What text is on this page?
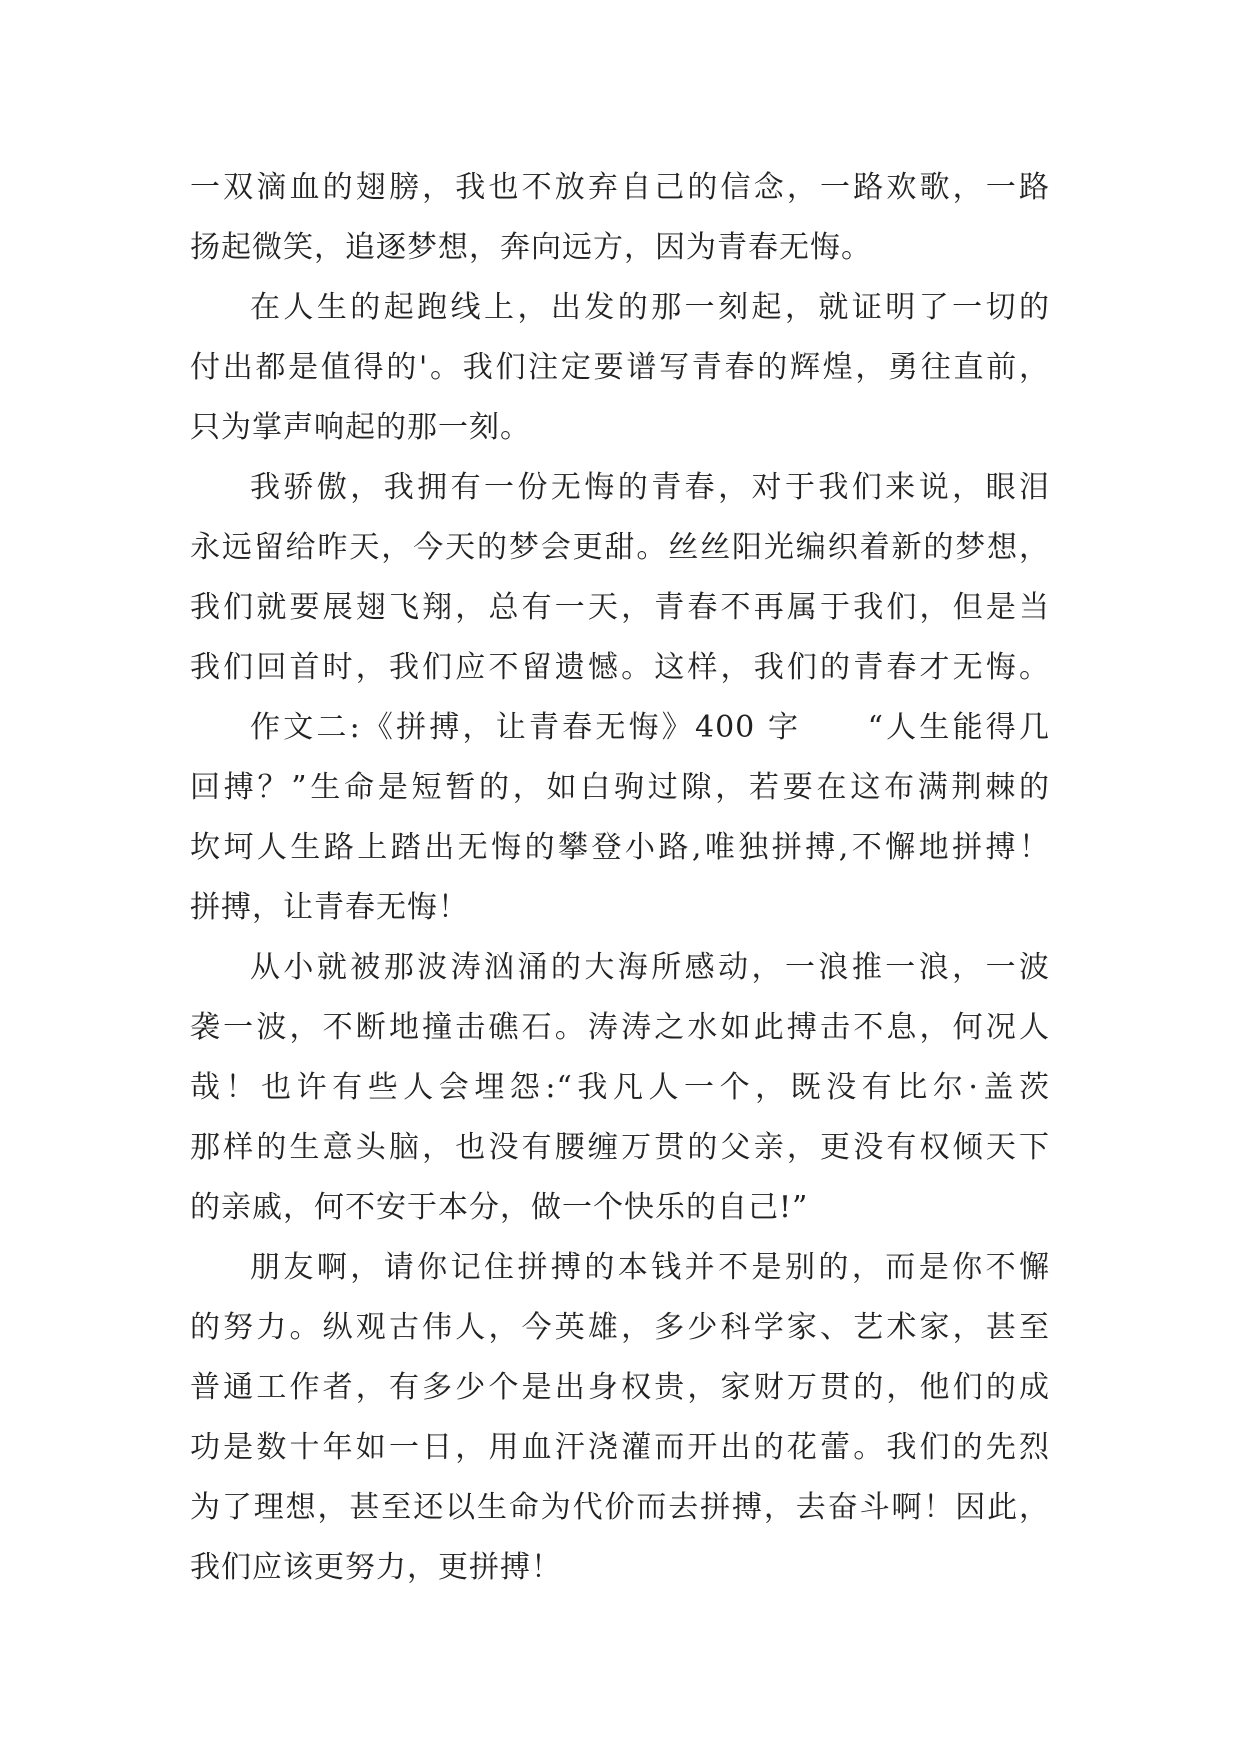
一双滴血的翅膀，我也不放弃自己的信念，一路欢歌，一路
扬起微笑，追逐梦想，奔向远方，因为青春无悔。

在人生的起跑线上，出发的那一刻起，就证明了一切的
付出都是值得的'。我们注定要谱写青春的辉煌，勇往直前，
只为掌声响起的那一刻。

我骄傲，我拥有一份无悔的青春，对于我们来说，眼泪
永远留给昨天，今天的梦会更甜。丝丝阳光编织着新的梦想，
我们就要展翅飞翔，总有一天，青春不再属于我们，但是当
我们回首时，我们应不留遗憾。这样，我们的青春才无悔。

作文二:《拼搏，让青春无悔》400 字　　“人生能得几
回搏？”生命是短暂的，如白驹过隙，若要在这布满荆棘的
坎坷人生路上踏出无悔的攀登小路,唯独拼搏,不懈地拼搏！
拼搏，让青春无悔！

从小就被那波涛汹涌的大海所感动，一浪推一浪，一波
袭一波，不断地撞击礁石。涛涛之水如此搏击不息，何况人
哉！也许有些人会埋怨:“我凡人一个，既没有比尔·盖茨
那样的生意头脑，也没有腰缠万贯的父亲，更没有权倾天下
的亲戚，何不安于本分，做一个快乐的自己!”

朋友啊，请你记住拼搏的本钱并不是别的，而是你不懈
的努力。纵观古伟人，今英雄，多少科学家、艺术家，甚至
普通工作者，有多少个是出身权贵，家财万贯的，他们的成
功是数十年如一日，用血汗浇灌而开出的花蕾。我们的先烈
为了理想，甚至还以生命为代价而去拼搏，去奋斗啊！因此，
我们应该更努力，更拼搏！
